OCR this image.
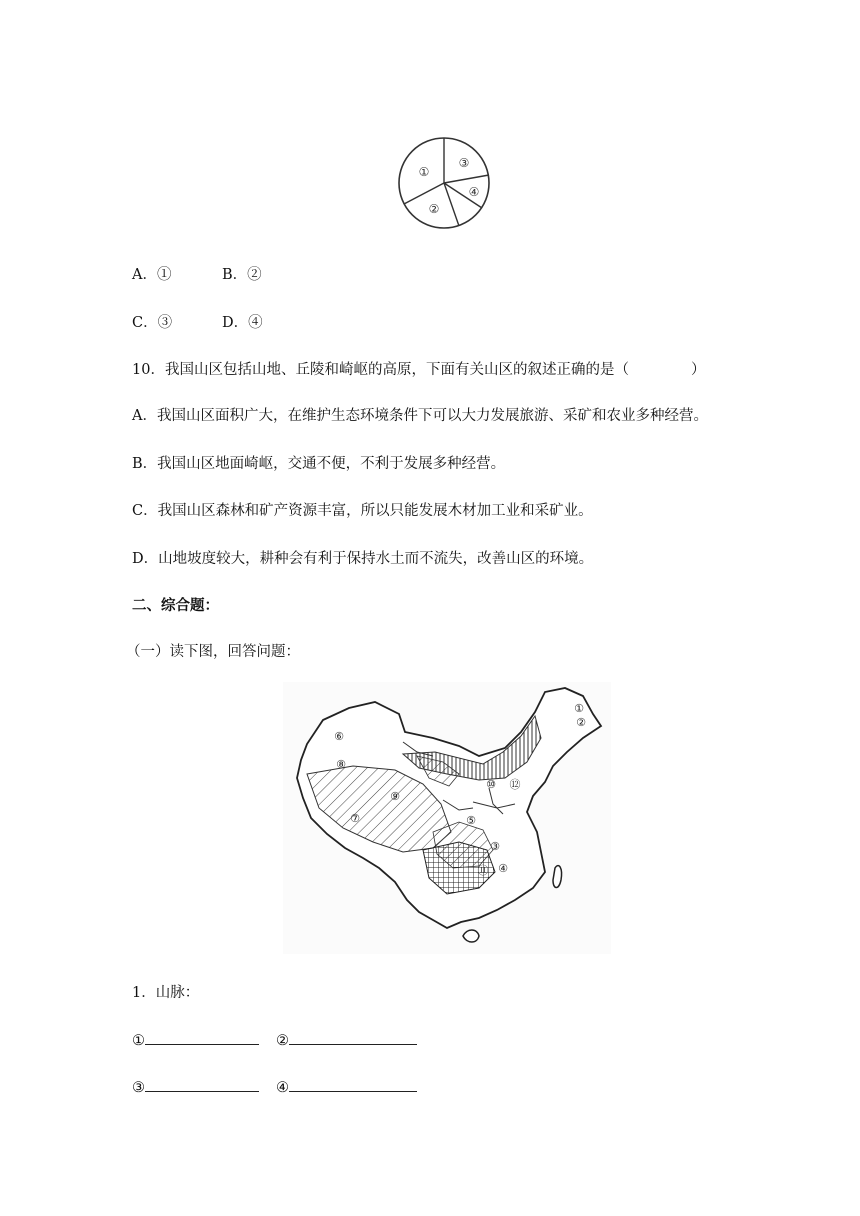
①
②
③
④
A．①	B．②
C．③	D．④
10．我国山区包括山地、丘陵和崎岖的高原，下面有关山区的叙述正确的是（	）
A．我国山区面积广大，在维护生态环境条件下可以大力发展旅游、采矿和农业多种经营。
B．我国山区地面崎岖，交通不便，不利于发展多种经营。
C．我国山区森林和矿产资源丰富，所以只能发展木材加工业和采矿业。
D．山地坡度较大，耕种会有利于保持水土而不流失，改善山区的环境。
二、综合题：
（一）读下图，回答问题：
①
②
③
④
⑤
⑥
⑦
⑧
⑨
⑩
⑪
⑫
1．山脉：
①	②
③	④
